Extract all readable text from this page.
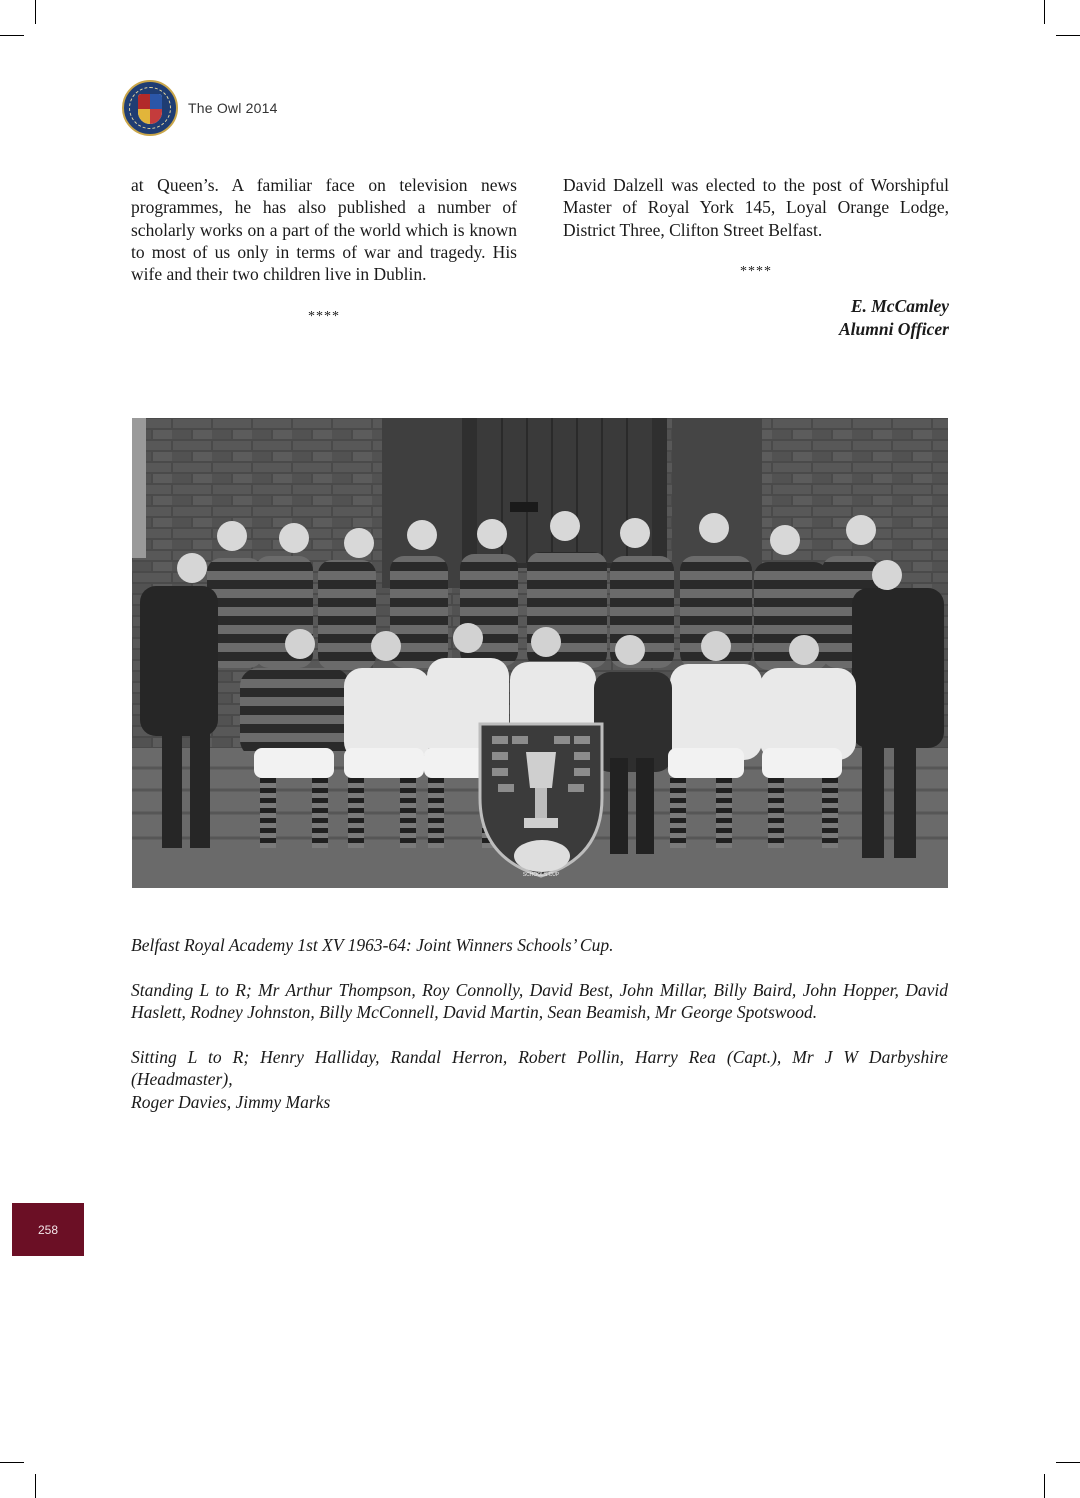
The Owl 2014

at Queen’s. A familiar face on television news programmes, he has also published a number of scholarly works on a part of the world which is known to most of us only in terms of war and tragedy. His wife and their two children live in Dublin.

****

David Dalzell was elected to the post of Worshipful Master of Royal York 145, Loyal Orange Lodge, District Three, Clifton Street Belfast.

****
E. McCamley
Alumni Officer
SCHOOLS CUP

Belfast Royal Academy 1st XV 1963-64: Joint Winners Schools’ Cup.

Standing L to R; Mr Arthur Thompson, Roy Connolly, David Best, John Millar, Billy Baird, John Hopper, David Haslett, Rodney Johnston, Billy McConnell, David Martin, Sean Beamish, Mr George Spotswood.

Sitting L to R; Henry Halliday, Randal Herron, Robert Pollin, Harry Rea (Capt.), Mr J W Darbyshire (Headmaster),

Roger Davies, Jimmy Marks

258
